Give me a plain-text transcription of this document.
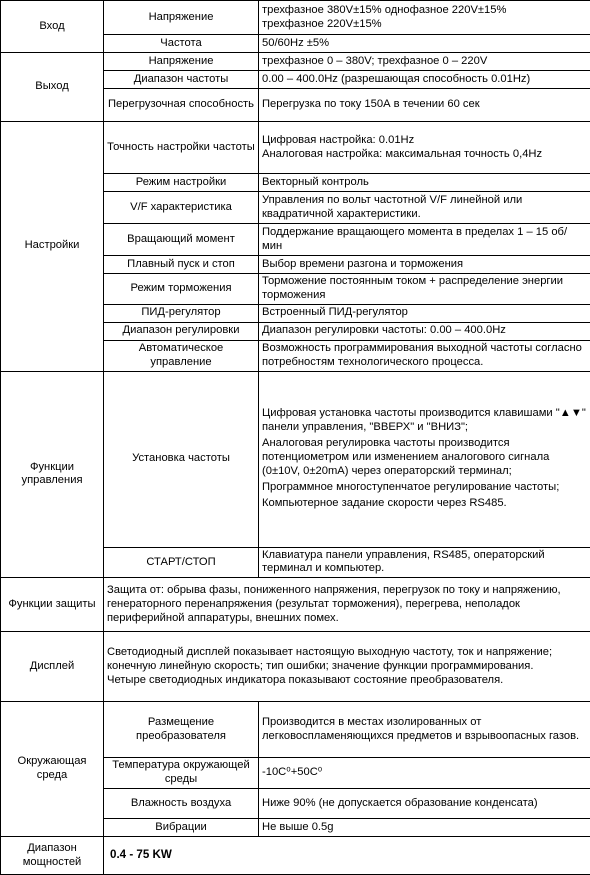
Вход	Напряжение	трехфазное 380V±15% однофазное 220V±15%
трехфазное 220V±15%

	Частота	50/60Hz ±5%
Выход	Напряжение	трехфазное 0 – 380V; трехфазное 0 – 220V
	Диапазон частоты	0.00 – 400.0Hz (разрешающая способность 0.01Hz)
	Перегрузочная способность	Перегрузка по току 150А в течении 60 сек
Настройки	Точность настройки частоты	Цифровая настройка: 0.01Hz
Аналоговая настройка: максимальная точность 0,4Hz

	Режим настройки	Векторный контроль
	V/F характеристика	Управления по вольт частотной V/F линейной или квадратичной характеристики.
	Вращающий момент	Поддержание вращающего момента в пределах 1 – 15 об/мин
	Плавный пуск и стоп	Выбор времени разгона и торможения
	Режим торможения	Торможение постоянным током + распределение энергии торможения
	ПИД-регулятор	Встроенный ПИД-регулятор
	Диапазон регулировки	Диапазон регулировки частоты: 0.00 – 400.0Hz
	Автоматическое управление	Возможность программирования выходной частоты согласно потребностям технологического процесса.
Функции управления	Установка частоты	Цифровая установка частоты производится клавишами "▲▼" панели управления, "ВВЕРХ" и "ВНИЗ";
Аналоговая регулировка частоты производится потенциометром или изменением аналогового сигнала (0±10V, 0±20mA) через операторский терминал;
Программное многоступенчатое регулирование частоты;
Компьютерное задание скорости через RS485.

	СТАРТ/СТОП	Клавиатура панели управления, RS485, операторский терминал и компьютер.
Функции защиты	Защита от: обрыва фазы, пониженного напряжения, перегрузок по току и напряжению, генераторного перенапряжения (результат торможения), перегрева, неполадок периферийной аппаратуры, внешних помех.	
Дисплей	Светодиодный дисплей показывает настоящую выходную частоту, ток и напряжение; конечную линейную скорость; тип ошибки; значение функции программирования.
Четыре светодиодных индикатора показывают состояние преобразователя.	

Окружающая среда	Размещение преобразователя	Производится в местах изолированных от легковоспламеняющихся предметов и взрывоопасных газов.
	Температура окружающей среды	-10С⁰+50С⁰
	Влажность воздуха	Ниже 90% (не допускается образование конденсата)
	Вибрации	Не выше 0.5g
Диапазон мощностей	0.4 - 75 KW	
